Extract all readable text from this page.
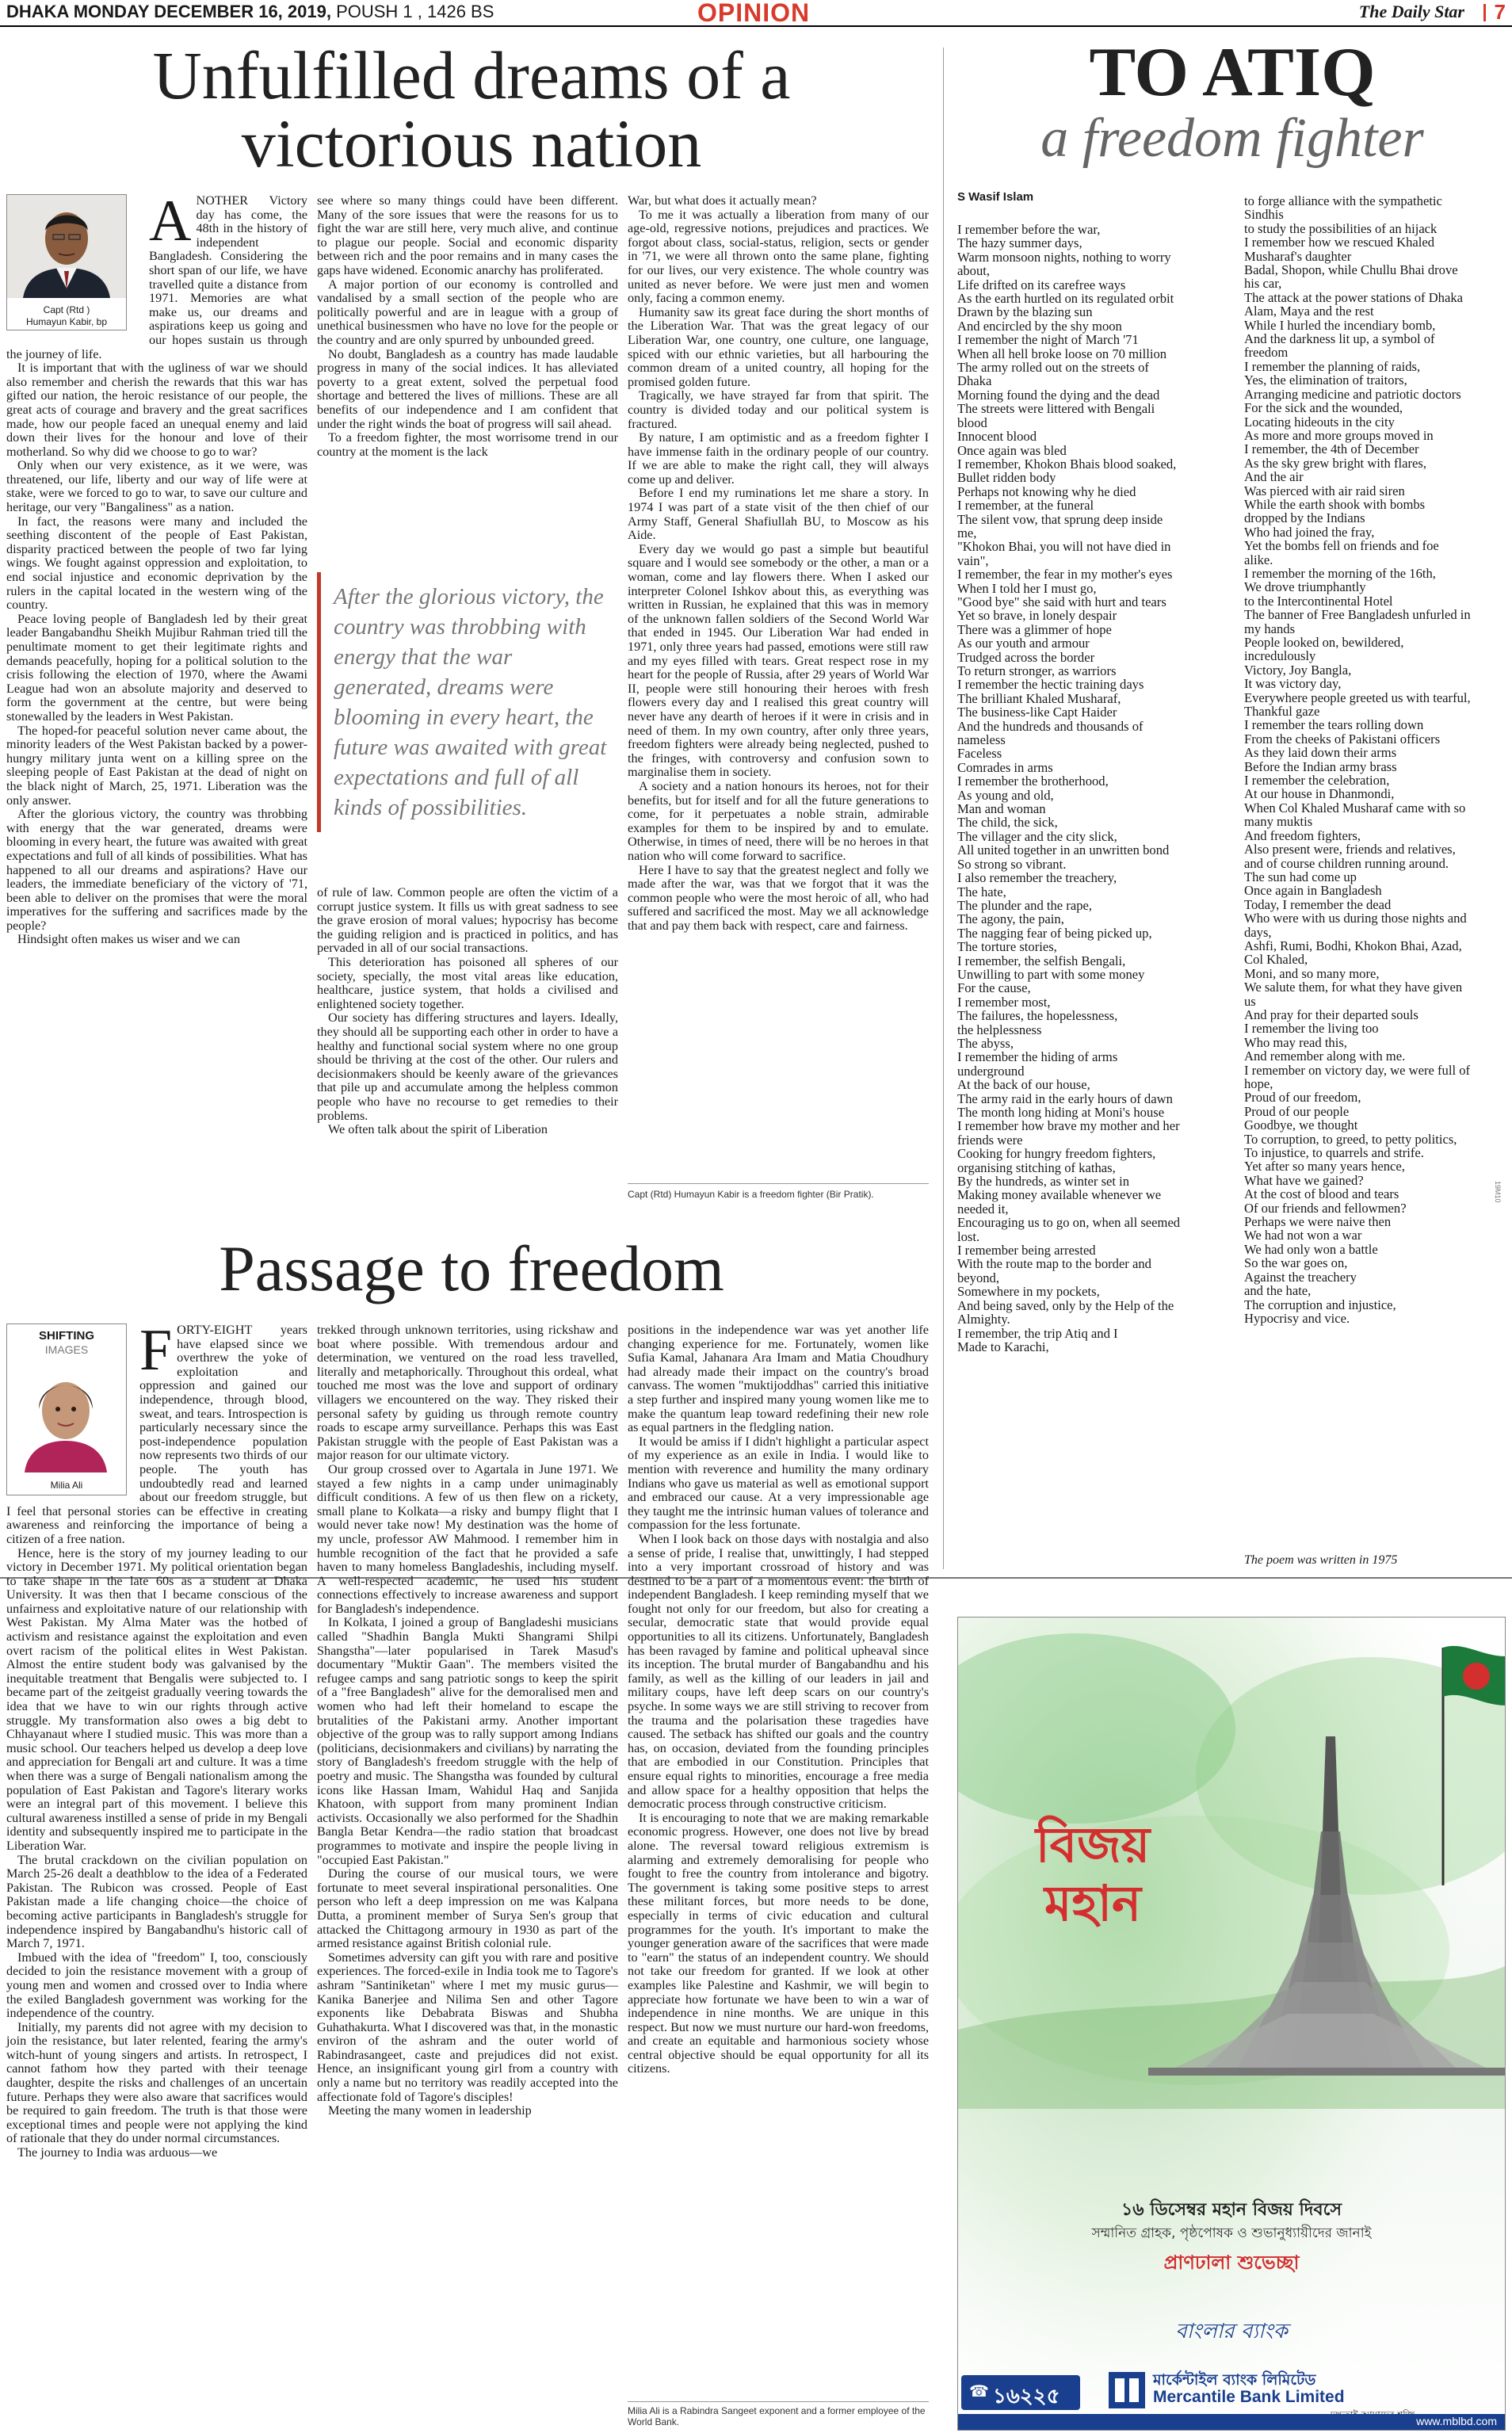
DHAKA MONDAY DECEMBER 16, 2019, POUSH 1 , 1426 BS	OPINION	The Daily Star 7
Unfulfilled dreams of a
victorious nation
Capt (Rtd )
Humayun Kabir, bp

ANOTHER Victory day has come, the 48th in the history of independent Bangladesh. Considering the short span of our life, we have travelled quite a distance from 1971. Memories are what make us, our dreams and aspirations keep us going and our hopes sustain us through the journey of life.

It is important that with the ugliness of war we should also remember and cherish the rewards that this war has gifted our nation, the heroic resistance of our people, the great acts of courage and bravery and the great sacrifices made, how our people faced an unequal enemy and laid down their lives for the honour and love of their motherland. So why did we choose to go to war?

Only when our very existence, as it we were, was threatened, our life, liberty and our way of life were at stake, were we forced to go to war, to save our culture and heritage, our very "Bangaliness" as a nation.

In fact, the reasons were many and included the seething discontent of the people of East Pakistan, disparity practiced between the people of two far lying wings. We fought against oppression and exploitation, to end social injustice and economic deprivation by the rulers in the capital located in the western wing of the country.

Peace loving people of Bangladesh led by their great leader Bangabandhu Sheikh Mujibur Rahman tried till the penultimate moment to get their legitimate rights and demands peacefully, hoping for a political solution to the crisis following the election of 1970, where the Awami League had won an absolute majority and deserved to form the government at the centre, but were being stonewalled by the leaders in West Pakistan.

The hoped-for peaceful solution never came about, the minority leaders of the West Pakistan backed by a power-hungry military junta went on a killing spree on the sleeping people of East Pakistan at the dead of night on the black night of March, 25, 1971. Liberation was the only answer.

After the glorious victory, the country was throbbing with energy that the war generated, dreams were blooming in every heart, the future was awaited with great expectations and full of all kinds of possibilities. What has happened to all our dreams and aspirations? Have our leaders, the immediate beneficiary of the victory of '71, been able to deliver on the promises that were the moral imperatives for the suffering and sacrifices made by the people?

Hindsight often makes us wiser and we can

see where so many things could have been different. Many of the sore issues that were the reasons for us to fight the war are still here, very much alive, and continue to plague our people. Social and economic disparity between rich and the poor remains and in many cases the gaps have widened. Economic anarchy has proliferated.

A major portion of our economy is controlled and vandalised by a small section of the people who are politically powerful and are in league with a group of unethical businessmen who have no love for the people or the country and are only spurred by unbounded greed.

No doubt, Bangladesh as a country has made laudable progress in many of the social indices. It has alleviated poverty to a great extent, solved the perpetual food shortage and bettered the lives of millions. These are all benefits of our independence and I am confident that under the right winds the boat of progress will sail ahead.

To a freedom fighter, the most worrisome trend in our country at the moment is the lack

After the glorious victory, the country was throbbing with energy that the war generated, dreams were blooming in every heart, the future was awaited with great expectations and full of all kinds of possibilities.

of rule of law. Common people are often the victim of a corrupt justice system. It fills us with great sadness to see the grave erosion of moral values; hypocrisy has become the guiding religion and is practiced in politics, and has pervaded in all of our social transactions.

This deterioration has poisoned all spheres of our society, specially, the most vital areas like education, healthcare, justice system, that holds a civilised and enlightened society together.

Our society has differing structures and layers. Ideally, they should all be supporting each other in order to have a healthy and functional social system where no one group should be thriving at the cost of the other. Our rulers and decisionmakers should be keenly aware of the grievances that pile up and accumulate among the helpless common people who have no recourse to get remedies to their problems.

We often talk about the spirit of Liberation

War, but what does it actually mean?

To me it was actually a liberation from many of our age-old, regressive notions, prejudices and practices. We forgot about class, social-status, religion, sects or gender in '71, we were all thrown onto the same plane, fighting for our lives, our very existence. The whole country was united as never before. We were just men and women only, facing a common enemy.

Humanity saw its great face during the short months of the Liberation War. That was the great legacy of our Liberation War, one country, one culture, one language, spiced with our ethnic varieties, but all harbouring the common dream of a united country, all hoping for the promised golden future.

Tragically, we have strayed far from that spirit. The country is divided today and our political system is fractured.

By nature, I am optimistic and as a freedom fighter I have immense faith in the ordinary people of our country. If we are able to make the right call, they will always come up and deliver.

Before I end my ruminations let me share a story. In 1974 I was part of a state visit of the then chief of our Army Staff, General Shafiullah BU, to Moscow as his Aide.

Every day we would go past a simple but beautiful square and I would see somebody or the other, a man or a woman, come and lay flowers there. When I asked our interpreter Colonel Ishkov about this, as everything was written in Russian, he explained that this was in memory of the unknown fallen soldiers of the Second World War that ended in 1945. Our Liberation War had ended in 1971, only three years had passed, emotions were still raw and my eyes filled with tears. Great respect rose in my heart for the people of Russia, after 29 years of World War II, people were still honouring their heroes with fresh flowers every day and I realised this great country will never have any dearth of heroes if it were in crisis and in need of them. In my own country, after only three years, freedom fighters were already being neglected, pushed to the fringes, with controversy and confusion sown to marginalise them in society.

A society and a nation honours its heroes, not for their benefits, but for itself and for all the future generations to come, for it perpetuates a noble strain, admirable examples for them to be inspired by and to emulate. Otherwise, in times of need, there will be no heroes in that nation who will come forward to sacrifice.

Here I have to say that the greatest neglect and folly we made after the war, was that we forgot that it was the common people who were the most heroic of all, who had suffered and sacrificed the most. May we all acknowledge that and pay them back with respect, care and fairness.

Capt (Rtd) Humayun Kabir is a freedom fighter (Bir Pratik).
TO ATIQ
a freedom fighter
S Wasif Islam
I remember before the war,
The hazy summer days,
Warm monsoon nights, nothing to worry
about,
Life drifted on its carefree ways
As the earth hurtled on its regulated orbit
Drawn by the blazing sun
And encircled by the shy moon
I remember the night of March '71
When all hell broke loose on 70 million
The army rolled out on the streets of
Dhaka
Morning found the dying and the dead
The streets were littered with Bengali
blood
Innocent blood
Once again was bled
I remember, Khokon Bhais blood soaked,
Bullet ridden body
Perhaps not knowing why he died
I remember, at the funeral
The silent vow, that sprung deep inside
me,
"Khokon Bhai, you will not have died in
vain",
I remember, the fear in my mother's eyes
When I told her I must go,
"Good bye" she said with hurt and tears
Yet so brave, in lonely despair
There was a glimmer of hope
As our youth and armour
Trudged across the border
To return stronger, as warriors
I remember the hectic training days
The brilliant Khaled Musharaf,
The business-like Capt Haider
And the hundreds and thousands of
nameless
Faceless
Comrades in arms
I remember the brotherhood,
As young and old,
Man and woman
The child, the sick,
The villager and the city slick,
All united together in an unwritten bond
So strong so vibrant.
I also remember the treachery,
The hate,
The plunder and the rape,
The agony, the pain,
The nagging fear of being picked up,
The torture stories,
I remember, the selfish Bengali,
Unwilling to part with some money
For the cause,
I remember most,
The failures, the hopelessness,
the helplessness
The abyss,
I remember the hiding of arms
underground
At the back of our house,
The army raid in the early hours of dawn
The month long hiding at Moni's house
I remember how brave my mother and her
friends were
Cooking for hungry freedom fighters,
organising stitching of kathas,
By the hundreds, as winter set in
Making money available whenever we
needed it,
Encouraging us to go on, when all seemed
lost.
I remember being arrested
With the route map to the border and
beyond,
Somewhere in my pockets,
And being saved, only by the Help of the
Almighty.
I remember, the trip Atiq and I
Made to Karachi,
to forge alliance with the sympathetic
Sindhis
to study the possibilities of an hijack
I remember how we rescued Khaled
Musharaf's daughter
Badal, Shopon, while Chullu Bhai drove
his car,
The attack at the power stations of Dhaka
Alam, Maya and the rest
While I hurled the incendiary bomb,
And the darkness lit up, a symbol of
freedom
I remember the planning of raids,
Yes, the elimination of traitors,
Arranging medicine and patriotic doctors
For the sick and the wounded,
Locating hideouts in the city
As more and more groups moved in
I remember, the 4th of December
As the sky grew bright with flares,
And the air
Was pierced with air raid siren
While the earth shook with bombs
dropped by the Indians
Who had joined the fray,
Yet the bombs fell on friends and foe
alike.
I remember the morning of the 16th,
We drove triumphantly
to the Intercontinental Hotel
The banner of Free Bangladesh unfurled in
my hands
People looked on, bewildered,
incredulously
Victory, Joy Bangla,
It was victory day,
Everywhere people greeted us with tearful,
Thankful gaze
I remember the tears rolling down
From the cheeks of Pakistani officers
As they laid down their arms
Before the Indian army brass
I remember the celebration,
At our house in Dhanmondi,
When Col Khaled Musharaf came with so
many muktis
And freedom fighters,
Also present were, friends and relatives,
and of course children running around.
The sun had come up
Once again in Bangladesh
Today, I remember the dead
Who were with us during those nights and
days,
Ashfi, Rumi, Bodhi, Khokon Bhai, Azad,
Col Khaled,
Moni, and so many more,
We salute them, for what they have given
us
And pray for their departed souls
I remember the living too
Who may read this,
And remember along with me.
I remember on victory day, we were full of
hope,
Proud of our freedom,
Proud of our people
Goodbye, we thought
To corruption, to greed, to petty politics,
To injustice, to quarrels and strife.
Yet after so many years hence,
What have we gained?
At the cost of blood and tears
Of our friends and fellowmen?
Perhaps we were naive then
We had not won a war
We had only won a battle
So the war goes on,
Against the treachery
and the hate,
The corruption and injustice,
Hypocrisy and vice.
The poem was written in 1975
Passage to freedom
SHIFTING
IMAGES
Milia Ali

FORTY-EIGHT years have elapsed since we overthrew the yoke of exploitation and oppression and gained our independence, through blood, sweat, and tears. Introspection is particularly necessary since the post-independence population now represents two thirds of our people. The youth has undoubtedly read and learned about our freedom struggle, but I feel that personal stories can be effective in creating awareness and reinforcing the importance of being a citizen of a free nation.

Hence, here is the story of my journey leading to our victory in December 1971. My political orientation began to take shape in the late 60s as a student at Dhaka University. It was then that I became conscious of the unfairness and exploitative nature of our relationship with West Pakistan. My Alma Mater was the hotbed of activism and resistance against the exploitation and even overt racism of the political elites in West Pakistan. Almost the entire student body was galvanised by the inequitable treatment that Bengalis were subjected to. I became part of the zeitgeist gradually veering towards the idea that we have to win our rights through active struggle. My transformation also owes a big debt to Chhayanaut where I studied music. This was more than a music school. Our teachers helped us develop a deep love and appreciation for Bengali art and culture. It was a time when there was a surge of Bengali nationalism among the population of East Pakistan and Tagore's literary works were an integral part of this movement. I believe this cultural awareness instilled a sense of pride in my Bengali identity and subsequently inspired me to participate in the Liberation War.

The brutal crackdown on the civilian population on March 25-26 dealt a deathblow to the idea of a Federated Pakistan. The Rubicon was crossed. People of East Pakistan made a life changing choice—the choice of becoming active participants in Bangladesh's struggle for independence inspired by Bangabandhu's historic call of March 7, 1971.

Imbued with the idea of "freedom" I, too, consciously decided to join the resistance movement with a group of young men and women and crossed over to India where the exiled Bangladesh government was working for the independence of the country.

Initially, my parents did not agree with my decision to join the resistance, but later relented, fearing the army's witch-hunt of young singers and artists. In retrospect, I cannot fathom how they parted with their teenage daughter, despite the risks and challenges of an uncertain future. Perhaps they were also aware that sacrifices would be required to gain freedom. The truth is that those were exceptional times and people were not applying the kind of rationale that they do under normal circumstances.

The journey to India was arduous—we

trekked through unknown territories, using rickshaw and boat where possible. With tremendous ardour and determination, we ventured on the road less travelled, literally and metaphorically. Throughout this ordeal, what touched me most was the love and support of ordinary villagers we encountered on the way. They risked their personal safety by guiding us through remote country roads to escape army surveillance. Perhaps this was East Pakistan struggle with the people of East Pakistan was a major reason for our ultimate victory.

Our group crossed over to Agartala in June 1971. We stayed a few nights in a camp under unimaginably difficult conditions. A few of us then flew on a rickety, small plane to Kolkata—a risky and bumpy flight that I would never take now! My destination was the home of my uncle, professor AW Mahmood. I remember him in humble recognition of the fact that he provided a safe haven to many homeless Bangladeshis, including myself. A well-respected academic, he used his student connections effectively to increase awareness and support for Bangladesh's independence.

In Kolkata, I joined a group of Bangladeshi musicians called "Shadhin Bangla Mukti Shangrami Shilpi Shangstha"—later popularised in Tarek Masud's documentary "Muktir Gaan". The members visited the refugee camps and sang patriotic songs to keep the spirit of a "free Bangladesh" alive for the demoralised men and women who had left their homeland to escape the brutalities of the Pakistani army. Another important objective of the group was to rally support among Indians (politicians, decisionmakers and civilians) by narrating the story of Bangladesh's freedom struggle with the help of poetry and music. The Shangstha was founded by cultural icons like Hassan Imam, Wahidul Haq and Sanjida Khatoon, with support from many prominent Indian activists. Occasionally we also performed for the Shadhin Bangla Betar Kendra—the radio station that broadcast programmes to motivate and inspire the people living in "occupied East Pakistan."

During the course of our musical tours, we were fortunate to meet several inspirational personalities. One person who left a deep impression on me was Kalpana Dutta, a prominent member of Surya Sen's group that attacked the Chittagong armoury in 1930 as part of the armed resistance against British colonial rule.

Sometimes adversity can gift you with rare and positive experiences. The forced-exile in India took me to Tagore's ashram "Santiniketan" where I met my music gurus—Kanika Banerjee and Nilima Sen and other Tagore exponents like Debabrata Biswas and Shubha Guhathakurta. What I discovered was that, in the monastic environ of the ashram and the outer world of Rabindrasangeet, caste and prejudices did not exist. Hence, an insignificant young girl from a country with only a name but no territory was readily accepted into the affectionate fold of Tagore's disciples!

Meeting the many women in leadership

positions in the independence war was yet another life changing experience for me. Fortunately, women like Sufia Kamal, Jahanara Ara Imam and Matia Choudhury had already made their impact on the country's broad canvass. The women "muktijoddhas" carried this initiative a step further and inspired many young women like me to make the quantum leap toward redefining their new role as equal partners in the fledgling nation.

It would be amiss if I didn't highlight a particular aspect of my experience as an exile in India. I would like to mention with reverence and humility the many ordinary Indians who gave us material as well as emotional support and embraced our cause. At a very impressionable age they taught me the intrinsic human values of tolerance and compassion for the less fortunate.

When I look back on those days with nostalgia and also a sense of pride, I realise that, unwittingly, I had stepped into a very important crossroad of history and was destined to be a part of a momentous event: the birth of independent Bangladesh. I keep reminding myself that we fought not only for our freedom, but also for creating a secular, democratic state that would provide equal opportunities to all its citizens. Unfortunately, Bangladesh has been ravaged by famine and political upheaval since its inception. The brutal murder of Bangabandhu and his family, as well as the killing of our leaders in jail and military coups, have left deep scars on our country's psyche. In some ways we are still striving to recover from the trauma and the polarisation these tragedies have caused. The setback has shifted our goals and the country has, on occasion, deviated from the founding principles that are embodied in our Constitution. Principles that ensure equal rights to minorities, encourage a free media and allow space for a healthy opposition that helps the democratic process through constructive criticism.

It is encouraging to note that we are making remarkable economic progress. However, one does not live by bread alone. The reversal toward religious extremism is alarming and extremely demoralising for people who fought to free the country from intolerance and bigotry. The government is taking some positive steps to arrest these militant forces, but more needs to be done, especially in terms of civic education and cultural programmes for the youth. It's important to make the younger generation aware of the sacrifices that were made to "earn" the status of an independent country. We should not take our freedom for granted. If we look at other examples like Palestine and Kashmir, we will begin to appreciate how fortunate we have been to win a war of independence in nine months. We are unique in this respect. But now we must nurture our hard-won freedoms, and create an equitable and harmonious society whose central objective should be equal opportunity for all its citizens.

Milia Ali is a Rabindra Sangeet exponent and a former employee of the World Bank.
বিজয় মহান
১৬ ডিসেম্বর মহান বিজয় দিবসে
সম্মানিত গ্রাহক, পৃষ্ঠপোষক ও শুভানুধ্যায়ীদের জানাই
প্রাণঢালা শুভেচ্ছা
বাংলার ব্যাংক
☎ ১৬২২৫
মার্কেন্টাইল ব্যাংক লিমিটেড
Mercantile Bank Limited
www.mblbd.com
19M10
